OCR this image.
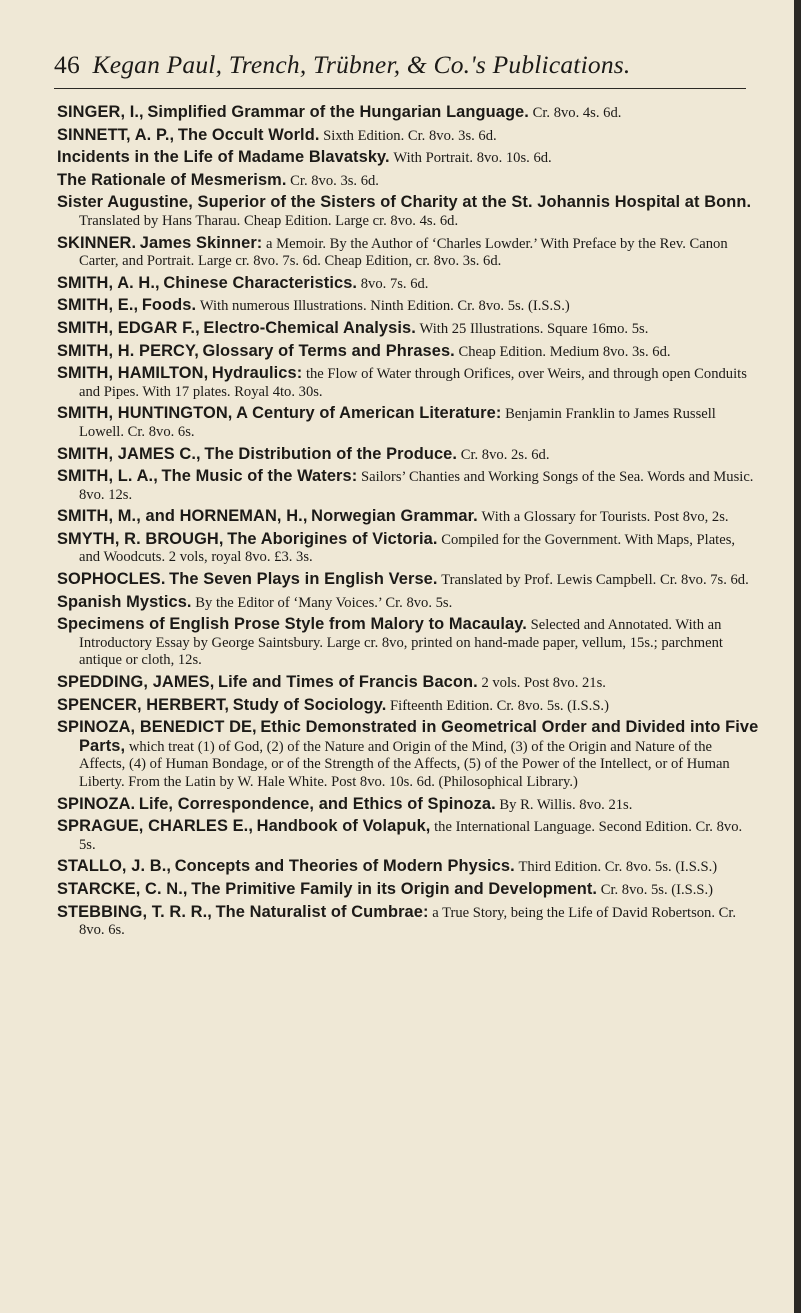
46 Kegan Paul, Trench, Trübner, & Co.'s Publications.

SINGER, I., Simplified Grammar of the Hungarian Language. Cr. 8vo. 4s. 6d.

SINNETT, A. P., The Occult World. Sixth Edition. Cr. 8vo. 3s. 6d.

Incidents in the Life of Madame Blavatsky. With Portrait. 8vo. 10s. 6d.

The Rationale of Mesmerism. Cr. 8vo. 3s. 6d.

Sister Augustine, Superior of the Sisters of Charity at the St. Johannis Hospital at Bonn. Translated by Hans Tharau. Cheap Edition. Large cr. 8vo. 4s. 6d.

SKINNER. James Skinner: a Memoir. By the Author of ‘Charles Lowder.’ With Preface by the Rev. Canon Carter, and Portrait. Large cr. 8vo. 7s. 6d. Cheap Edition, cr. 8vo. 3s. 6d.

SMITH, A. H., Chinese Characteristics. 8vo. 7s. 6d.

SMITH, E., Foods. With numerous Illustrations. Ninth Edition. Cr. 8vo. 5s. (I.S.S.)

SMITH, EDGAR F., Electro-Chemical Analysis. With 25 Illustrations. Square 16mo. 5s.

SMITH, H. PERCY, Glossary of Terms and Phrases. Cheap Edition. Medium 8vo. 3s. 6d.

SMITH, HAMILTON, Hydraulics: the Flow of Water through Orifices, over Weirs, and through open Conduits and Pipes. With 17 plates. Royal 4to. 30s.

SMITH, HUNTINGTON, A Century of American Literature: Benjamin Franklin to James Russell Lowell. Cr. 8vo. 6s.

SMITH, JAMES C., The Distribution of the Produce. Cr. 8vo. 2s. 6d.

SMITH, L. A., The Music of the Waters: Sailors’ Chanties and Working Songs of the Sea. Words and Music. 8vo. 12s.

SMITH, M., and HORNEMAN, H., Norwegian Grammar. With a Glossary for Tourists. Post 8vo, 2s.

SMYTH, R. BROUGH, The Aborigines of Victoria. Compiled for the Government. With Maps, Plates, and Woodcuts. 2 vols, royal 8vo. £3. 3s.

SOPHOCLES. The Seven Plays in English Verse. Translated by Prof. Lewis Campbell. Cr. 8vo. 7s. 6d.

Spanish Mystics. By the Editor of ‘Many Voices.’ Cr. 8vo. 5s.

Specimens of English Prose Style from Malory to Macaulay. Selected and Annotated. With an Introductory Essay by George Saintsbury. Large cr. 8vo, printed on hand-made paper, vellum, 15s.; parchment antique or cloth, 12s.

SPEDDING, JAMES, Life and Times of Francis Bacon. 2 vols. Post 8vo. 21s.

SPENCER, HERBERT, Study of Sociology. Fifteenth Edition. Cr. 8vo. 5s. (I.S.S.)

SPINOZA, BENEDICT DE, Ethic Demonstrated in Geometrical Order and Divided into Five Parts, which treat (1) of God, (2) of the Nature and Origin of the Mind, (3) of the Origin and Nature of the Affects, (4) of Human Bondage, or of the Strength of the Affects, (5) of the Power of the Intellect, or of Human Liberty. From the Latin by W. Hale White. Post 8vo. 10s. 6d. (Philosophical Library.)

SPINOZA. Life, Correspondence, and Ethics of Spinoza. By R. Willis. 8vo. 21s.

SPRAGUE, CHARLES E., Handbook of Volapuk, the International Language. Second Edition. Cr. 8vo. 5s.

STALLO, J. B., Concepts and Theories of Modern Physics. Third Edition. Cr. 8vo. 5s. (I.S.S.)

STARCKE, C. N., The Primitive Family in its Origin and Development. Cr. 8vo. 5s. (I.S.S.)

STEBBING, T. R. R., The Naturalist of Cumbrae: a True Story, being the Life of David Robertson. Cr. 8vo. 6s.
